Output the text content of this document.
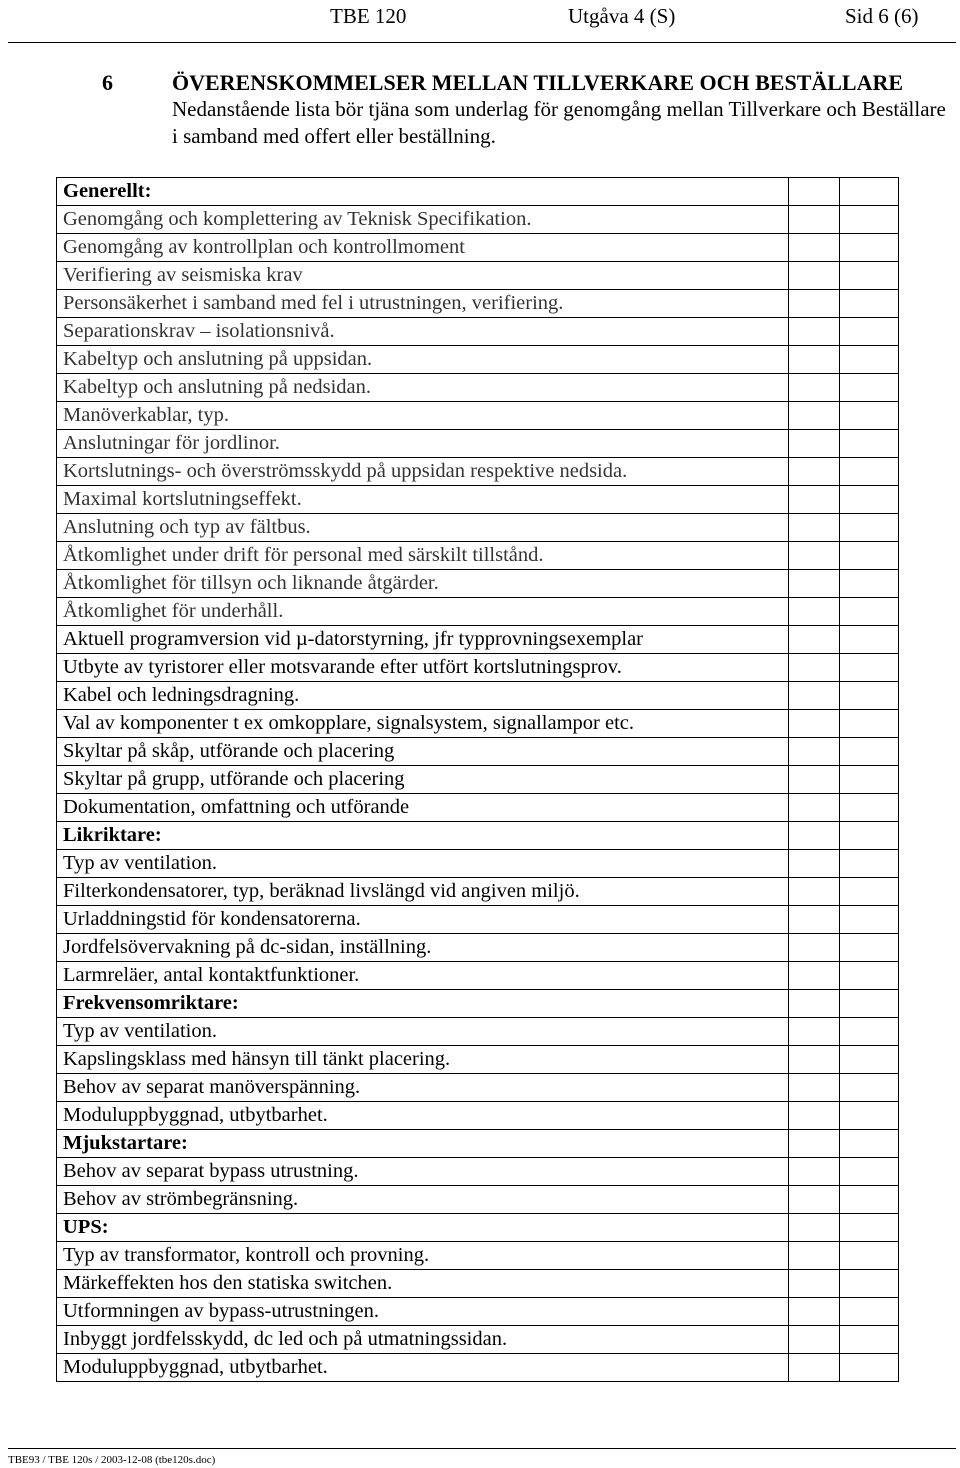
TBE 120	Utgåva 4 (S)	Sid 6 (6)
6	ÖVERENSKOMMELSER MELLAN TILLVERKARE OCH BESTÄLLARE
Nedanstående lista bör tjäna som underlag för genomgång mellan Tillverkare och Beställare i samband med offert eller beställning.
Generellt:		
Genomgång och komplettering av Teknisk Specifikation.		
Genomgång av kontrollplan och kontrollmoment		
Verifiering av seismiska krav		
Personsäkerhet i samband med fel i utrustningen, verifiering.		
Separationskrav – isolationsnivå.		
Kabeltyp och anslutning på uppsidan.		
Kabeltyp och anslutning på nedsidan.		
Manöverkablar, typ.		
Anslutningar för jordlinor.		
Kortslutnings- och överströmsskydd på uppsidan respektive nedsida.		
Maximal kortslutningseffekt.		
Anslutning och typ av fältbus.		
Åtkomlighet under drift för personal med särskilt tillstånd.		
Åtkomlighet för tillsyn och liknande åtgärder.		
Åtkomlighet för underhåll.		
Aktuell programversion vid µ-datorstyrning, jfr typprovningsexemplar		
Utbyte av tyristorer eller motsvarande efter utfört kortslutningsprov.		
Kabel och ledningsdragning.		
Val av komponenter t ex omkopplare, signalsystem, signallampor etc.		
Skyltar på skåp, utförande och placering		
Skyltar på grupp, utförande och placering		
Dokumentation, omfattning och utförande		
Likriktare:		
Typ av ventilation.		
Filterkondensatorer, typ, beräknad livslängd vid angiven miljö.		
Urladdningstid för kondensatorerna.		
Jordfelsövervakning på dc-sidan, inställning.		
Larmreläer, antal kontaktfunktioner.		
Frekvensomriktare:		
Typ av ventilation.		
Kapslingsklass med hänsyn till tänkt placering.		
Behov av separat manöverspänning.		
Moduluppbyggnad, utbytbarhet.		
Mjukstartare:		
Behov av separat bypass utrustning.		
Behov av strömbegränsning.		
UPS:		
Typ av transformator, kontroll och provning.		
Märkeffekten hos den statiska switchen.		
Utformningen av bypass-utrustningen.		
Inbyggt jordfelsskydd, dc led och på utmatningssidan.		
Moduluppbyggnad, utbytbarhet.		
TBE93 / TBE 120s / 2003-12-08 (tbe120s.doc)
